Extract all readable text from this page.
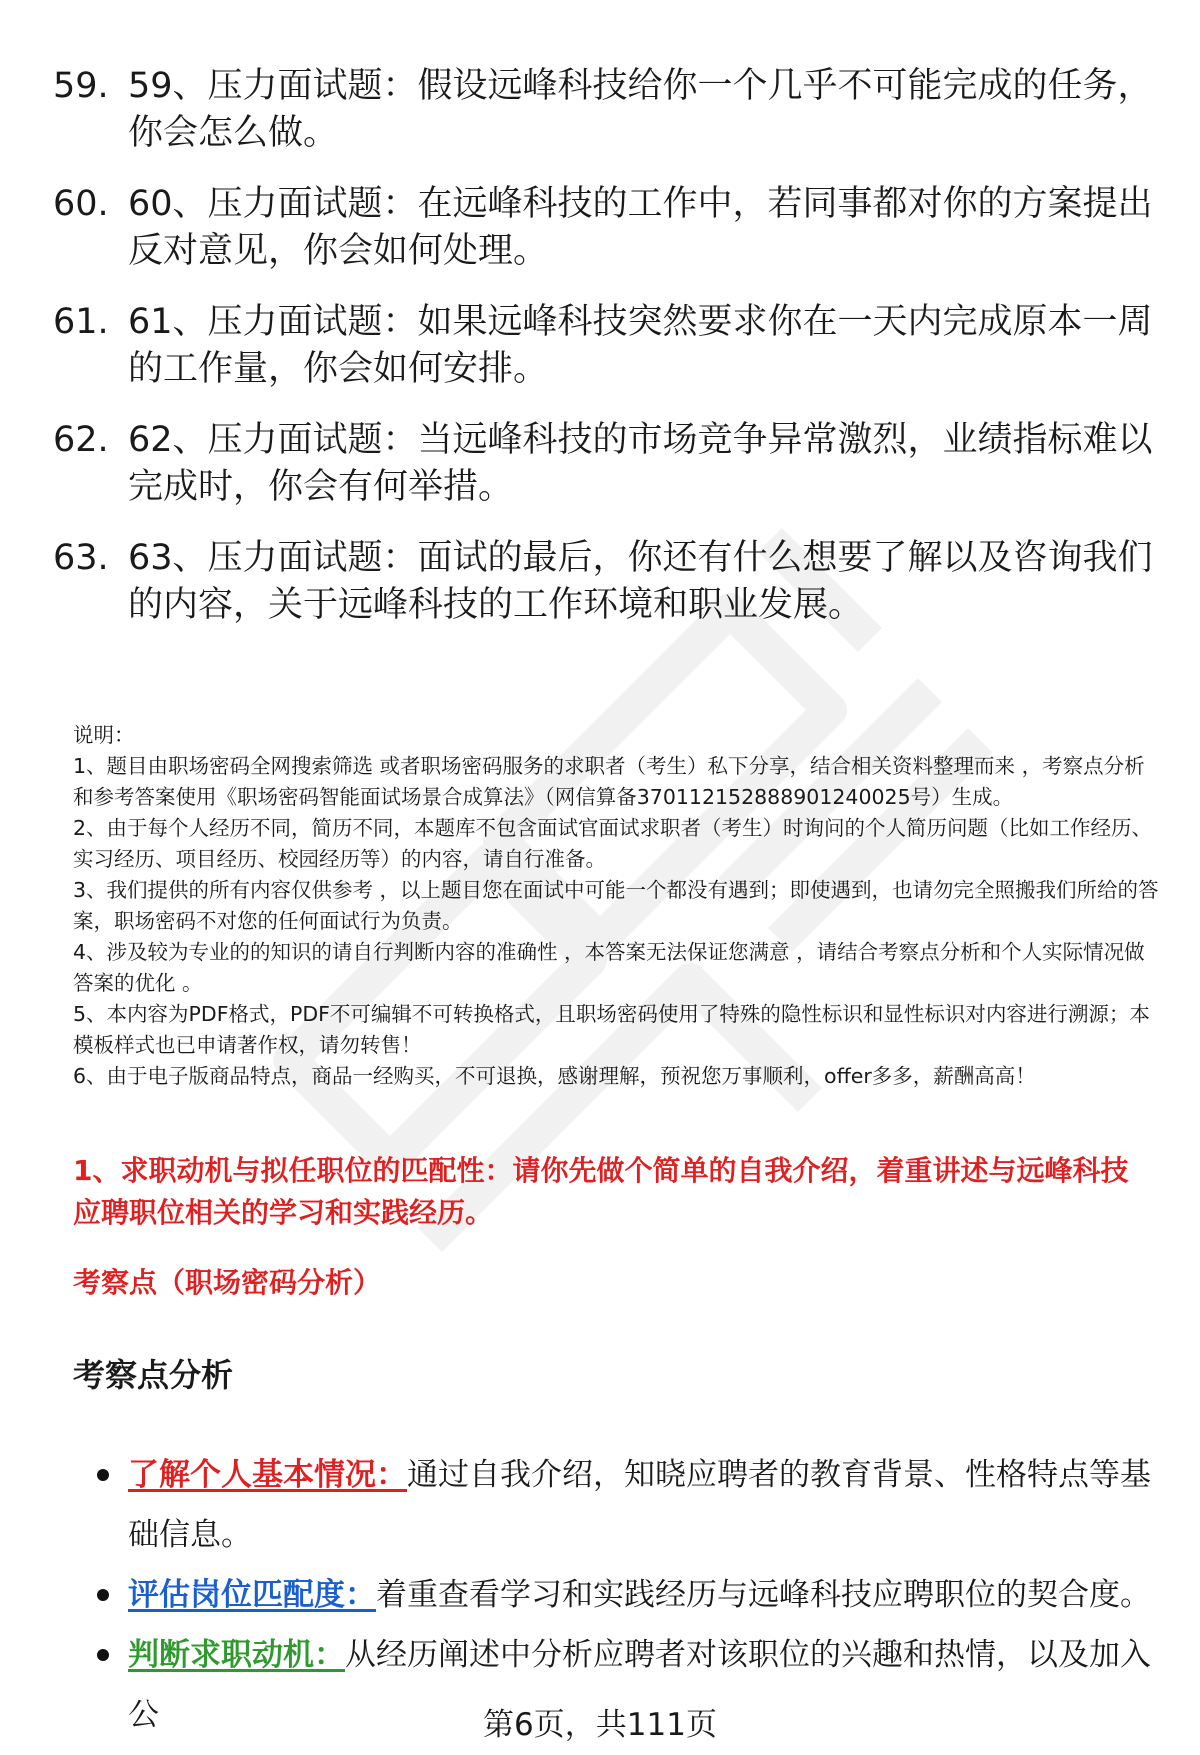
59. 59、压力面试题：假设远峰科技给你一个几乎不可能完成的任务，你会怎么做。
60. 60、压力面试题：在远峰科技的工作中，若同事都对你的方案提出反对意见，你会如何处理。
61. 61、压力面试题：如果远峰科技突然要求你在一天内完成原本一周的工作量，你会如何安排。
62. 62、压力面试题：当远峰科技的市场竞争异常激烈，业绩指标难以完成时，你会有何举措。
63. 63、压力面试题：面试的最后，你还有什么想要了解以及咨询我们的内容，关于远峰科技的工作环境和职业发展。

说明：

1、题目由职场密码全网搜索筛选 或者职场密码服务的求职者（考生）私下分享，结合相关资料整理而来 ，考察点分析和参考答案使用《职场密码智能面试场景合成算法》（网信算备370112152888901240025号）生成。

2、由于每个人经历不同，简历不同，本题库不包含面试官面试求职者（考生）时询问的个人简历问题（比如工作经历、实习经历、项目经历、校园经历等）的内容，请自行准备。

3、我们提供的所有内容仅供参考 ，以上题目您在面试中可能一个都没有遇到；即使遇到，也请勿完全照搬我们所给的答案，职场密码不对您的任何面试行为负责。

4、涉及较为专业的的知识的请自行判断内容的准确性 ，本答案无法保证您满意 ，请结合考察点分析和个人实际情况做答案的优化 。

5、本内容为PDF格式，PDF不可编辑不可转换格式，且职场密码使用了特殊的隐性标识和显性标识对内容进行溯源；本模板样式也已申请著作权，请勿转售！

6、由于电子版商品特点，商品一经购买，不可退换，感谢理解，预祝您万事顺利，offer多多，薪酬高高！

1、求职动机与拟任职位的匹配性：请你先做个简单的自我介绍，着重讲述与远峰科技应聘职位相关的学习和实践经历。
考察点（职场密码分析）
考察点分析
了解个人基本情况：通过自我介绍，知晓应聘者的教育背景、性格特点等基础信息。
评估岗位匹配度：着重查看学习和实践经历与远峰科技应聘职位的契合度。
判断求职动机：从经历阐述中分析应聘者对该职位的兴趣和热情，以及加入公	第6页，共111页
